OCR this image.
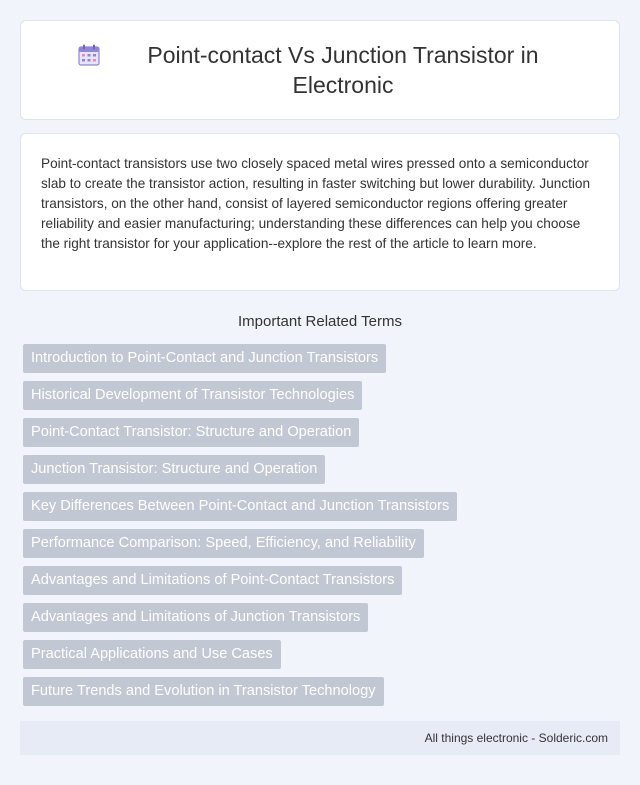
Point-contact Vs Junction Transistor in Electronic

Point-contact transistors use two closely spaced metal wires pressed onto a semiconductor slab to create the transistor action, resulting in faster switching but lower durability. Junction transistors, on the other hand, consist of layered semiconductor regions offering greater reliability and easier manufacturing; understanding these differences can help you choose the right transistor for your application--explore the rest of the article to learn more.

Important Related Terms
Introduction to Point-Contact and Junction Transistors
Historical Development of Transistor Technologies
Point-Contact Transistor: Structure and Operation
Junction Transistor: Structure and Operation
Key Differences Between Point-Contact and Junction Transistors
Performance Comparison: Speed, Efficiency, and Reliability
Advantages and Limitations of Point-Contact Transistors
Advantages and Limitations of Junction Transistors
Practical Applications and Use Cases
Future Trends and Evolution in Transistor Technology
All things electronic - Solderic.com
